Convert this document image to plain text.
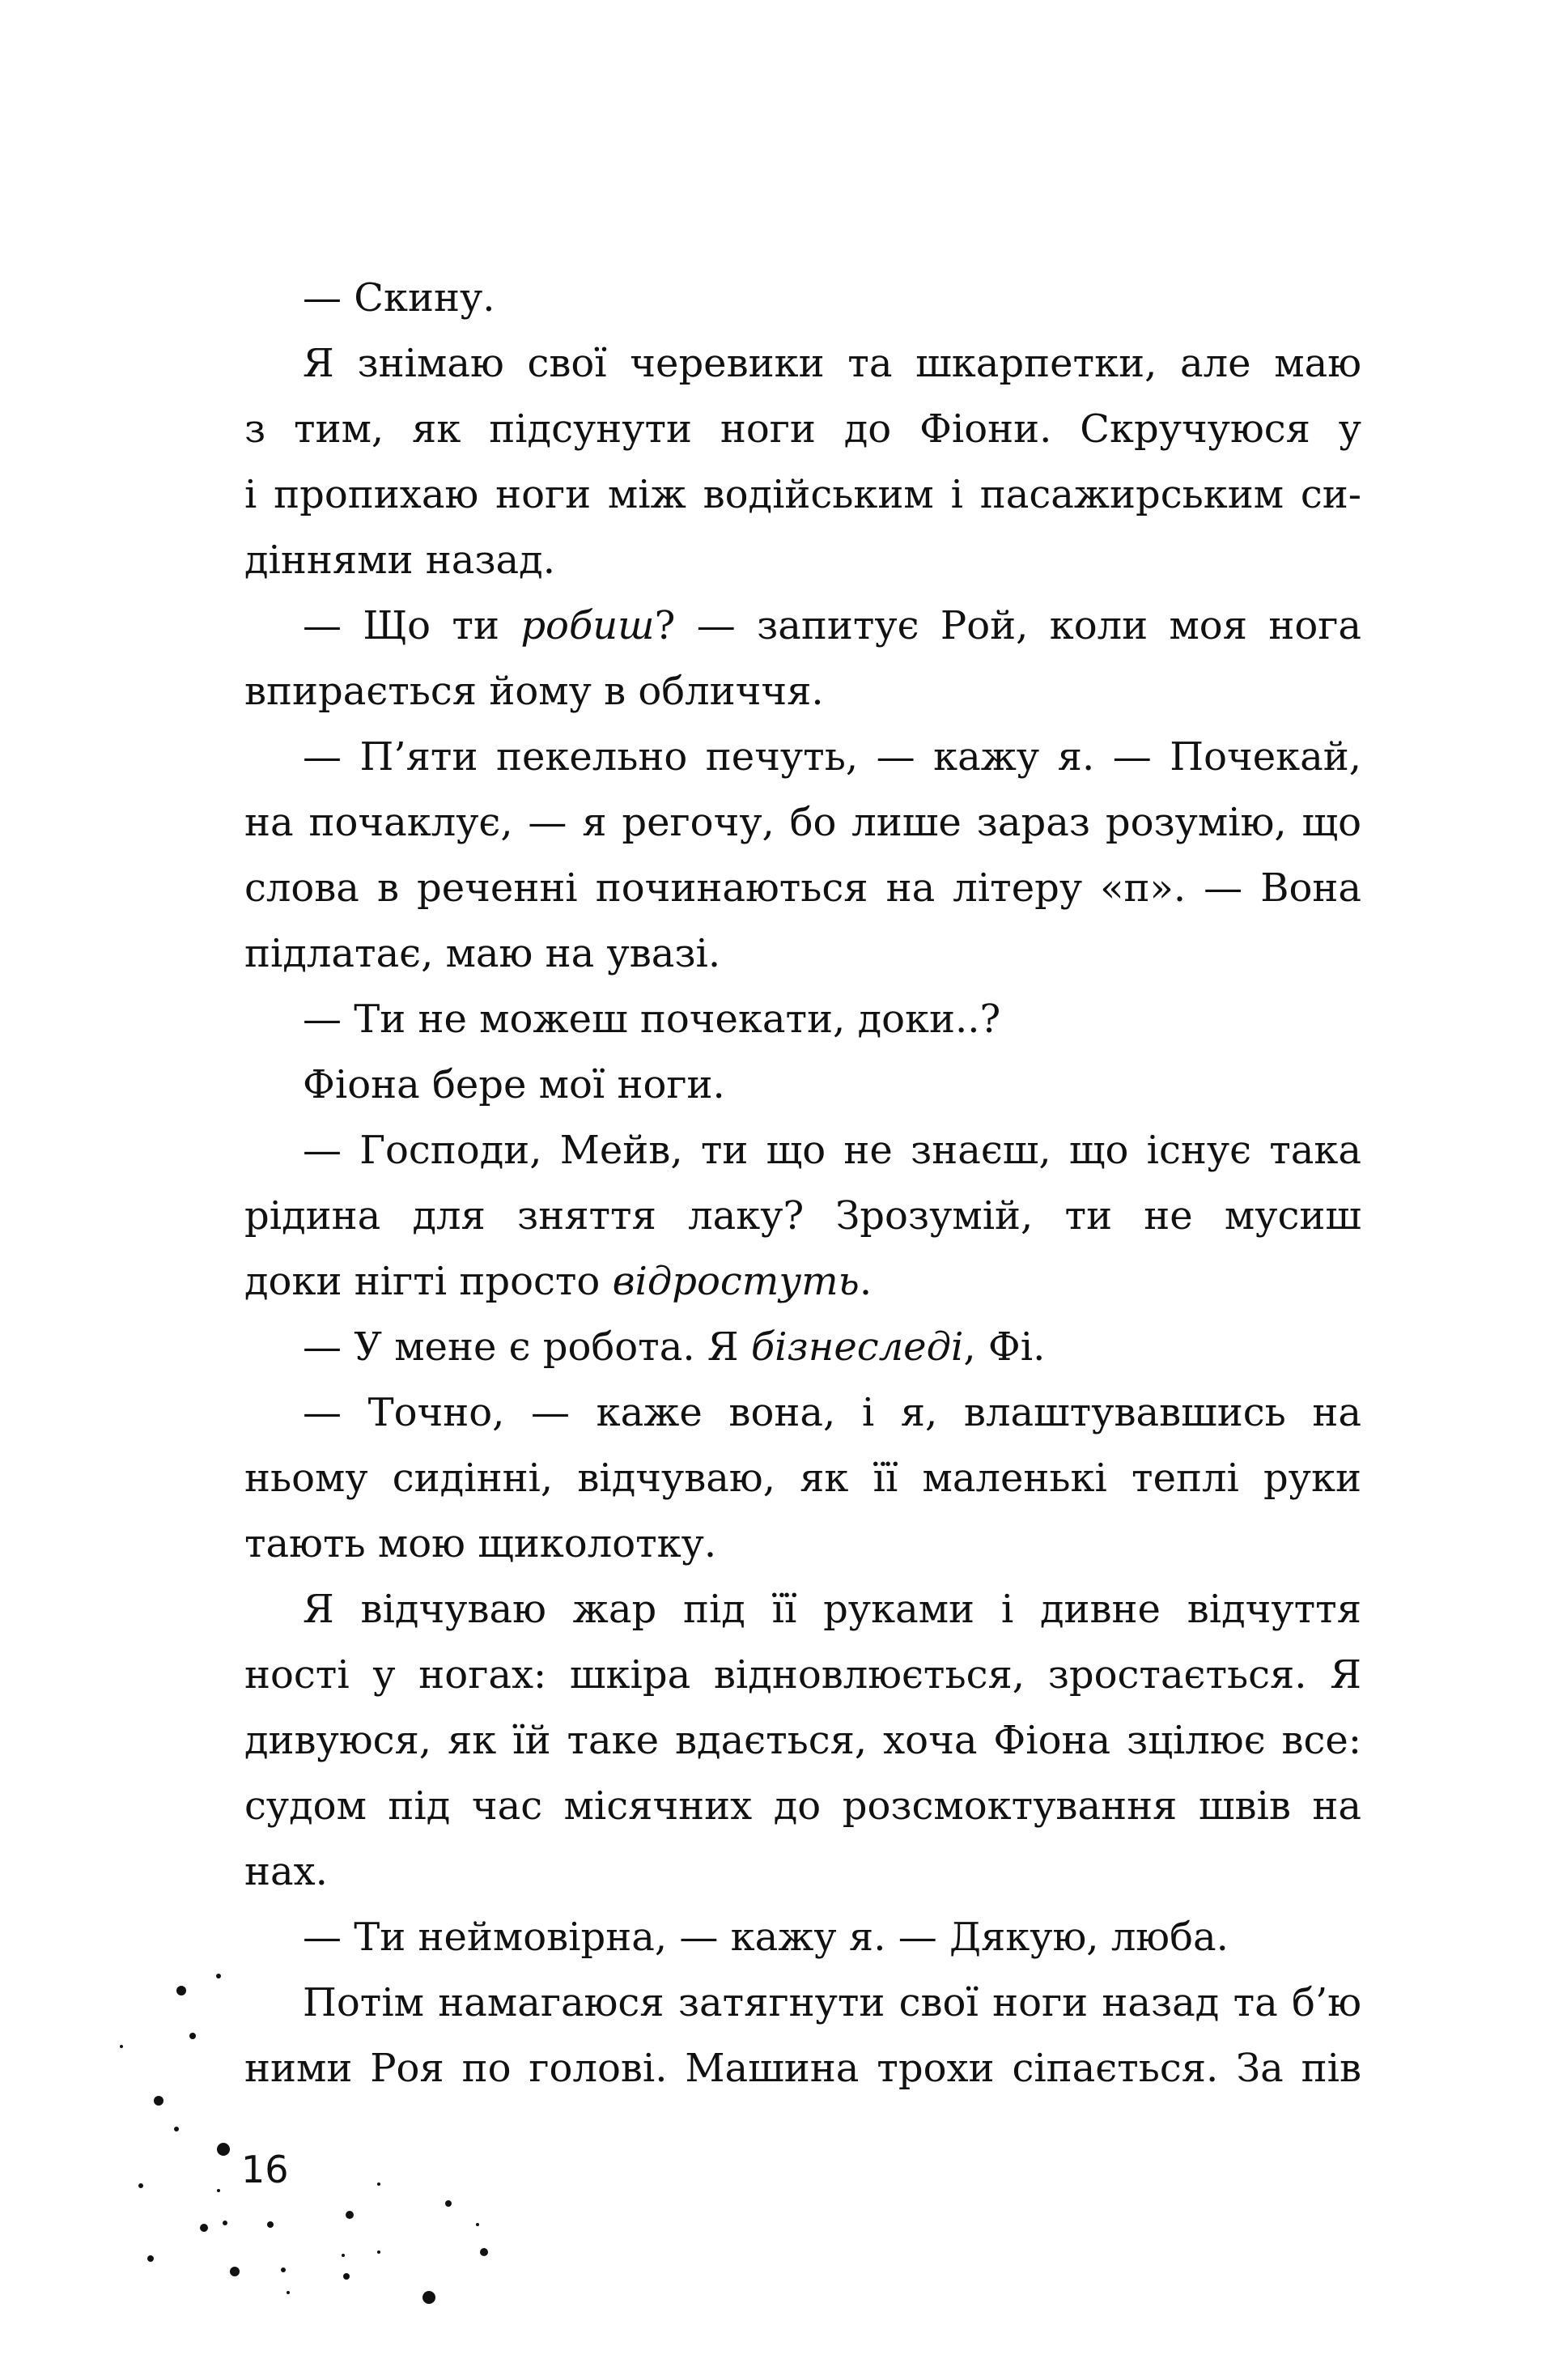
— Скину.
Я знімаю свої черевики та шкарпетки, але маю
з тим, як підсунути ноги до Фіони. Скручуюся у
і пропихаю ноги між водійським і пасажирським си-
діннями назад.
— Що ти робиш? — запитує Рой, коли моя нога
впирається йому в обличчя.
— П’яти пекельно печуть, — кажу я. — Почекай,
на почаклує, — я регочу, бо лише зараз розумію, що
слова в реченні починаються на літеру «п». — Вона
підлатає, маю на увазі.
— Ти не можеш почекати, доки..?
Фіона бере мої ноги.
— Господи, Мейв, ти що не знаєш, що існує така
рідина для зняття лаку? Зрозумій, ти не мусиш
доки нігті просто відростуть.
— У мене є робота. Я бізнеследі, Фі.
— Точно, — каже вона, і я, влаштувавшись на
ньому сидінні, відчуваю, як її маленькі теплі руки
тають мою щиколотку.
Я відчуваю жар під її руками і дивне відчуття
ності у ногах: шкіра відновлюється, зростається. Я
дивуюся, як їй таке вдається, хоча Фіона зцілює все:
судом під час місячних до розсмоктування швів на
нах.
— Ти неймовірна, — кажу я. — Дякую, люба.
Потім намагаюся затягнути свої ноги назад та б’ю
ними Роя по голові. Машина трохи сіпається. За пів
16
